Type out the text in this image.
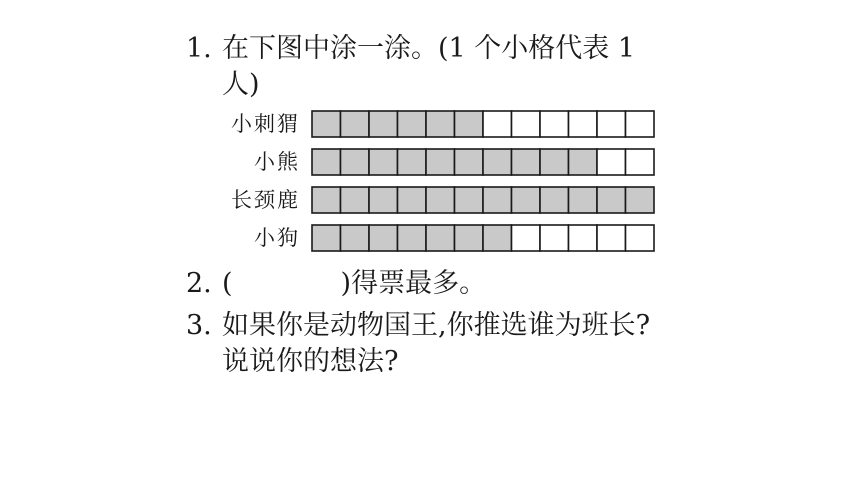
1. 在下图中涂一涂。(1 个小格代表 1
人)
小刺猬
小熊
长颈鹿
小狗
2. (	)得票最多。
3. 如果你是动物国王,你推选谁为班长?
说说你的想法?
